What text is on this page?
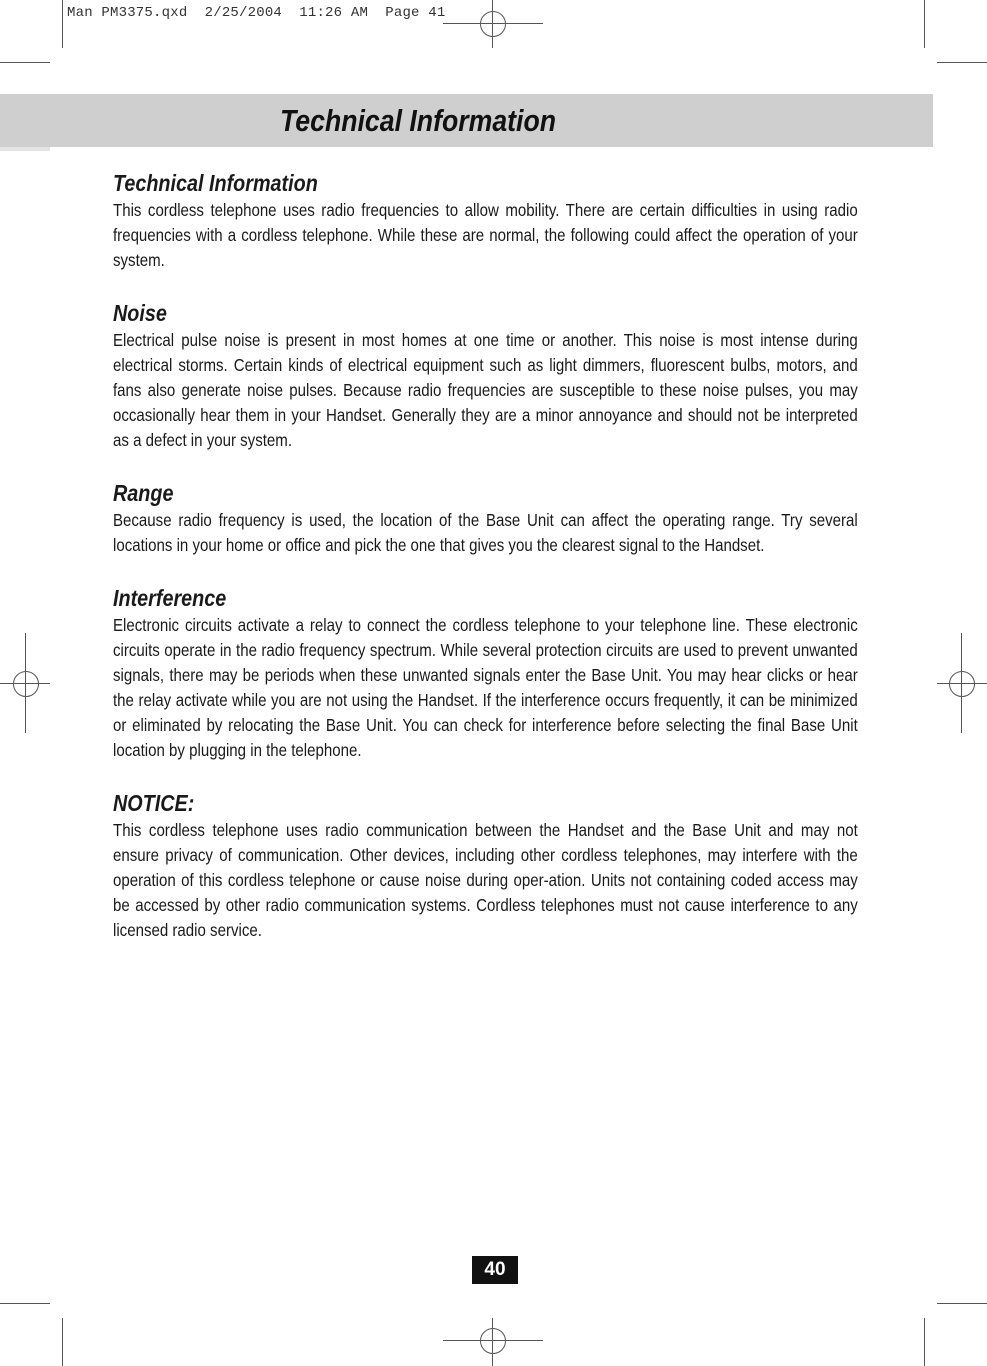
Man PM3375.qxd  2/25/2004  11:26 AM  Page 41
Technical Information
Technical Information

This cordless telephone uses radio frequencies to allow mobility. There are certain difficulties in using radio frequencies with a cordless telephone. While these are normal, the following could affect the operation of your system.

Noise

Electrical pulse noise is present in most homes at one time or another. This noise is most intense during electrical storms. Certain kinds of electrical equipment such as light dimmers, fluorescent bulbs, motors, and fans also generate noise pulses. Because radio frequencies are susceptible to these noise pulses, you may occasionally hear them in your Handset. Generally they are a minor annoyance and should not be interpreted as a defect in your system.

Range

Because radio frequency is used, the location of the Base Unit can affect the operating range. Try several locations in your home or office and pick the one that gives you the clearest signal to the Handset.

Interference

Electronic circuits activate a relay to connect the cordless telephone to your telephone line. These electronic circuits operate in the radio frequency spectrum. While several protection circuits are used to prevent unwanted signals, there may be periods when these unwanted signals enter the Base Unit. You may hear clicks or hear the relay activate while you are not using the Handset. If the interference occurs frequently, it can be minimized or eliminated by relocating the Base Unit. You can check for interference before selecting the final Base Unit location by plugging in the telephone.

NOTICE:

This cordless telephone uses radio communication between the Handset and the Base Unit and may not ensure privacy of communication. Other devices, including other cordless telephones, may interfere with the operation of this cordless telephone or cause noise during oper-ation. Units not containing coded access may be accessed by other radio communication systems. Cordless telephones must not cause interference to any licensed radio service.

40
